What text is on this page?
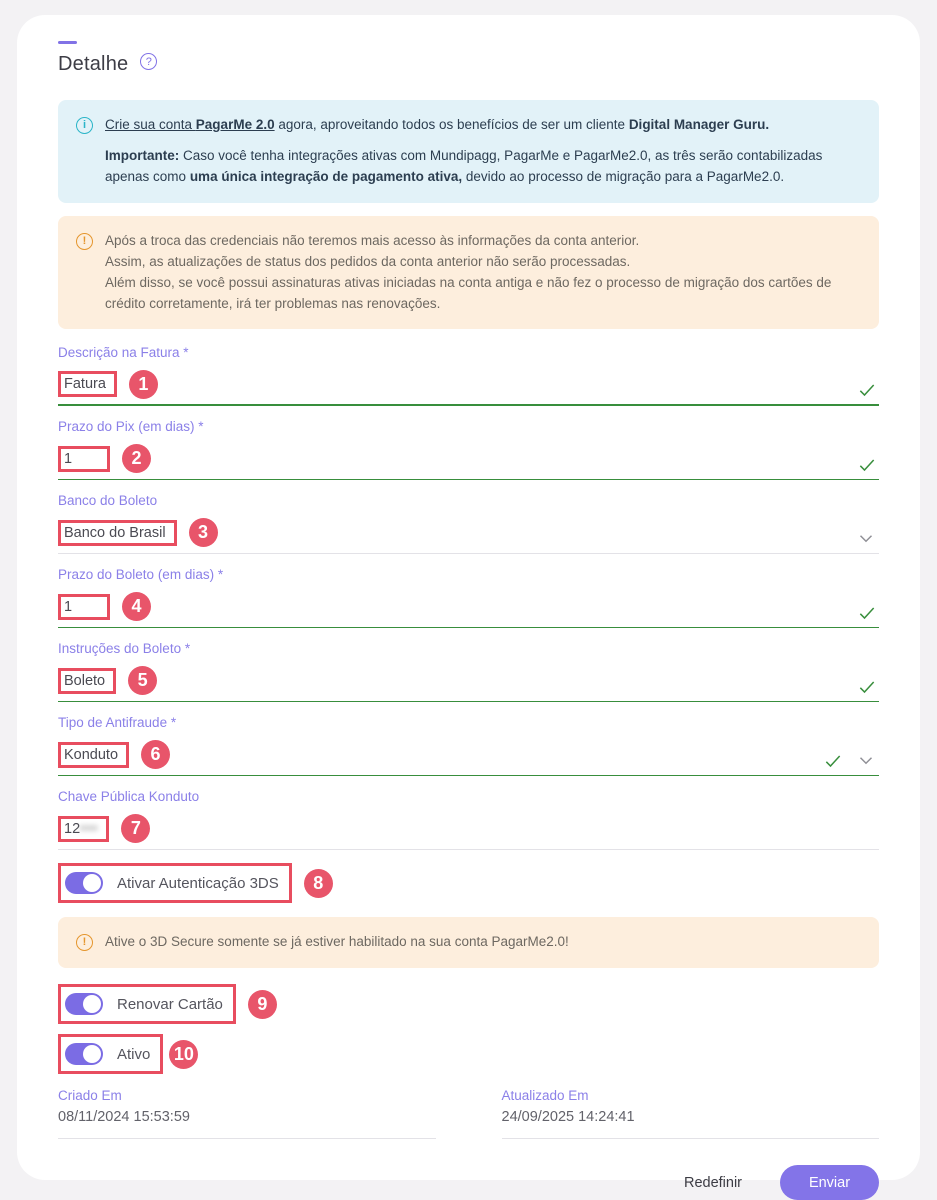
Detalhe	?
i	Crie sua conta PagarMe 2.0 agora, aproveitando todos os benefícios de ser um cliente Digital Manager Guru.
Importante: Caso você tenha integrações ativas com Mundipagg, PagarMe e PagarMe2.0, as três serão contabilizadas apenas como uma única integração de pagamento ativa, devido ao processo de migração para a PagarMe2.0.
!	Após a troca das credenciais não teremos mais acesso às informações da conta anterior.
Assim, as atualizações de status dos pedidos da conta anterior não serão processadas.
Além disso, se você possui assinaturas ativas iniciadas na conta antiga e não fez o processo de migração dos cartões de crédito corretamente, irá ter problemas nas renovações.
Descrição na Fatura *
Fatura	1
Prazo do Pix (em dias) *
1	2
Banco do Boleto
Banco do Brasil	3
Prazo do Boleto (em dias) *
1	4
Instruções do Boleto *
Boleto	5
Tipo de Antifraude *
Konduto	6
Chave Pública Konduto
12•••	7
Ativar Autenticação 3DS	8
!	Ative o 3D Secure somente se já estiver habilitado na sua conta PagarMe2.0!
Renovar Cartão	9
Ativo 10
Criado Em
08/11/2024 15:53:59
Atualizado Em
24/09/2025 14:24:41
Redefinir	Enviar
